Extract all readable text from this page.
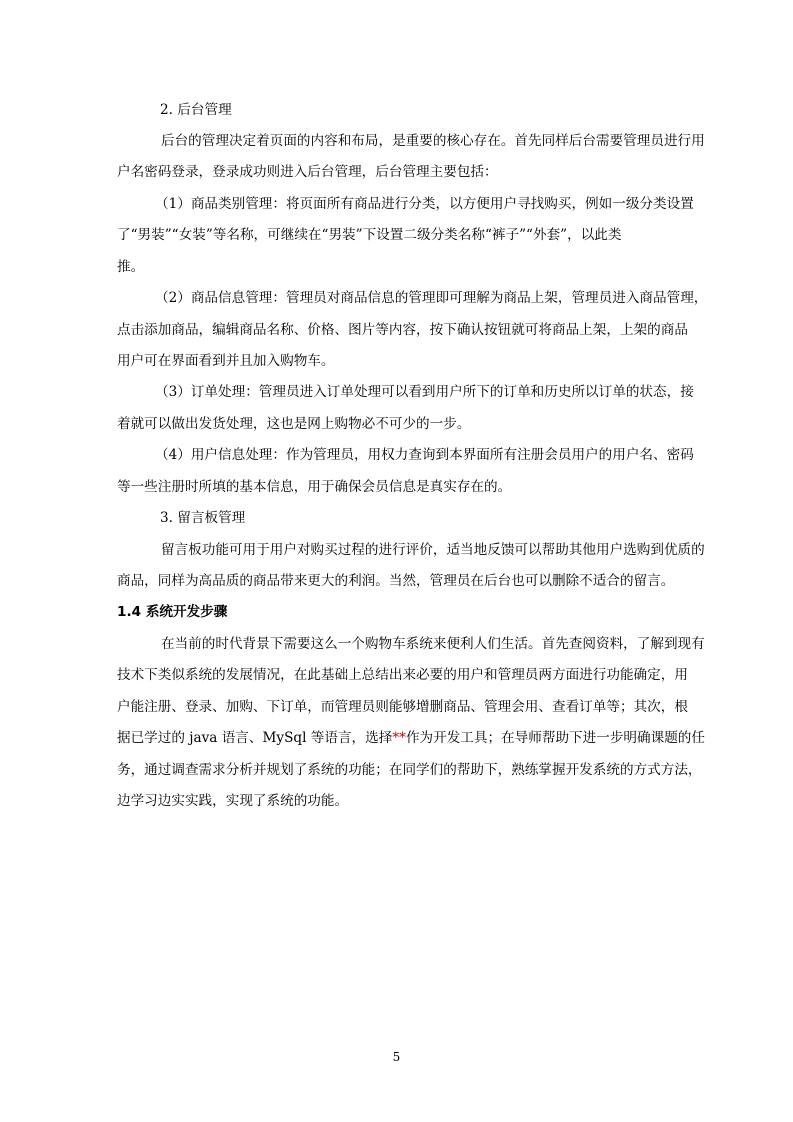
2. 后台管理
后台的管理决定着页面的内容和布局，是重要的核心存在。首先同样后台需要管理员进行用
户名密码登录，登录成功则进入后台管理，后台管理主要包括：
（1）商品类别管理：将页面所有商品进行分类，以方便用户寻找购买，例如一级分类设置
了“男装”“女装”等名称，可继续在“男装”下设置二级分类名称“裤子”“外套”，以此类
推。
（2）商品信息管理：管理员对商品信息的管理即可理解为商品上架，管理员进入商品管理，
点击添加商品，编辑商品名称、价格、图片等内容，按下确认按钮就可将商品上架，上架的商品
用户可在界面看到并且加入购物车。
（3）订单处理：管理员进入订单处理可以看到用户所下的订单和历史所以订单的状态，接
着就可以做出发货处理，这也是网上购物必不可少的一步。
（4）用户信息处理：作为管理员，用权力查询到本界面所有注册会员用户的用户名、密码
等一些注册时所填的基本信息，用于确保会员信息是真实存在的。
3. 留言板管理
留言板功能可用于用户对购买过程的进行评价，适当地反馈可以帮助其他用户选购到优质的
商品，同样为高品质的商品带来更大的利润。当然，管理员在后台也可以删除不适合的留言。
1.4 系统开发步骤
在当前的时代背景下需要这么一个购物车系统来便利人们生活。首先查阅资料，了解到现有
技术下类似系统的发展情况，在此基础上总结出来必要的用户和管理员两方面进行功能确定，用
户能注册、登录、加购、下订单，而管理员则能够增删商品、管理会用、查看订单等；其次，根
据已学过的 java 语言、MySql 等语言，选择**作为开发工具；在导师帮助下进一步明确课题的任
务，通过调查需求分析并规划了系统的功能；在同学们的帮助下，熟练掌握开发系统的方式方法，
边学习边实实践，实现了系统的功能。
5
